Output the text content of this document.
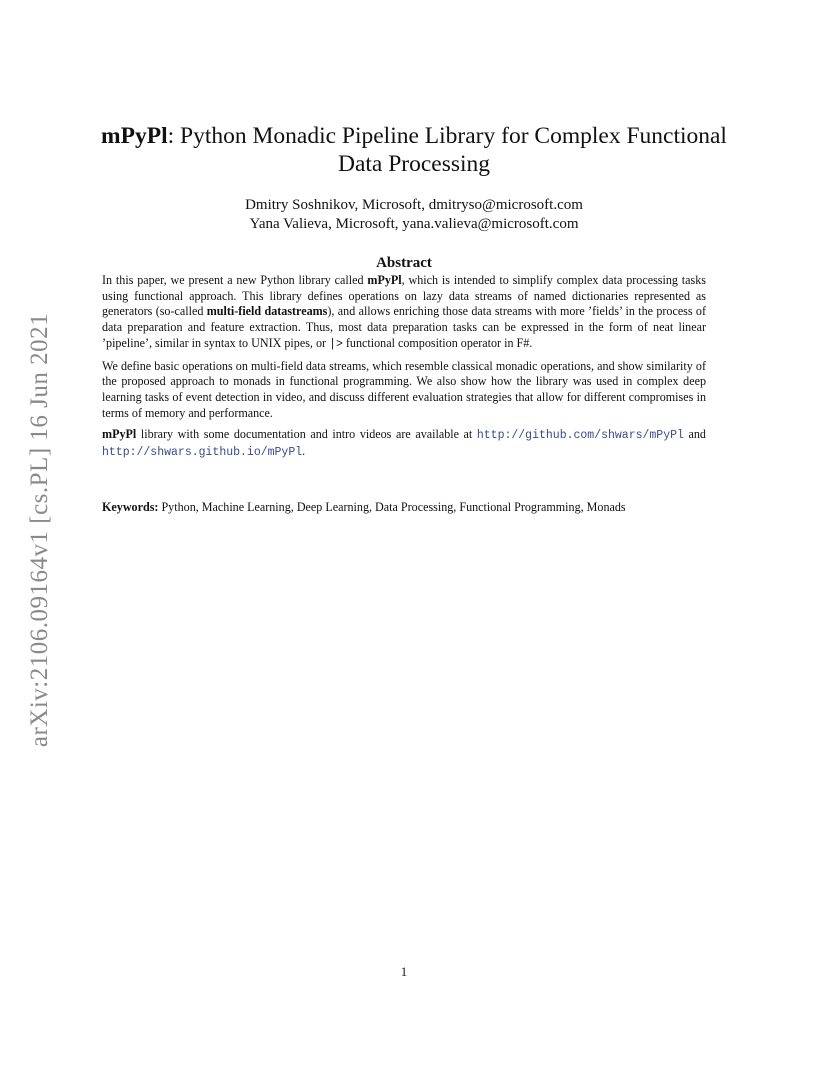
arXiv:2106.09164v1 [cs.PL] 16 Jun 2021
mPyPl: Python Monadic Pipeline Library for Complex Functional
Data Processing
Dmitry Soshnikov, Microsoft, dmitryso@microsoft.com
Yana Valieva, Microsoft, yana.valieva@microsoft.com
Abstract

In this paper, we present a new Python library called mPyPl, which is intended to simplify complex data processing tasks using functional approach. This library defines operations on lazy data streams of named dictionaries represented as generators (so-called multi-field datastreams), and allows enriching those data streams with more ’fields’ in the process of data preparation and feature extraction. Thus, most data preparation tasks can be expressed in the form of neat linear ’pipeline’, similar in syntax to UNIX pipes, or |> functional composition operator in F#.

We define basic operations on multi-field data streams, which resemble classical monadic operations, and show similarity of the proposed approach to monads in functional programming. We also show how the library was used in complex deep learning tasks of event detection in video, and discuss different evaluation strategies that allow for different compromises in terms of memory and performance.

mPyPl library with some documentation and intro videos are available at http://github.com/shwars/mPyPl and http://shwars.github.io/mPyPl.

Keywords: Python, Machine Learning, Deep Learning, Data Processing, Functional Programming, Monads
1
